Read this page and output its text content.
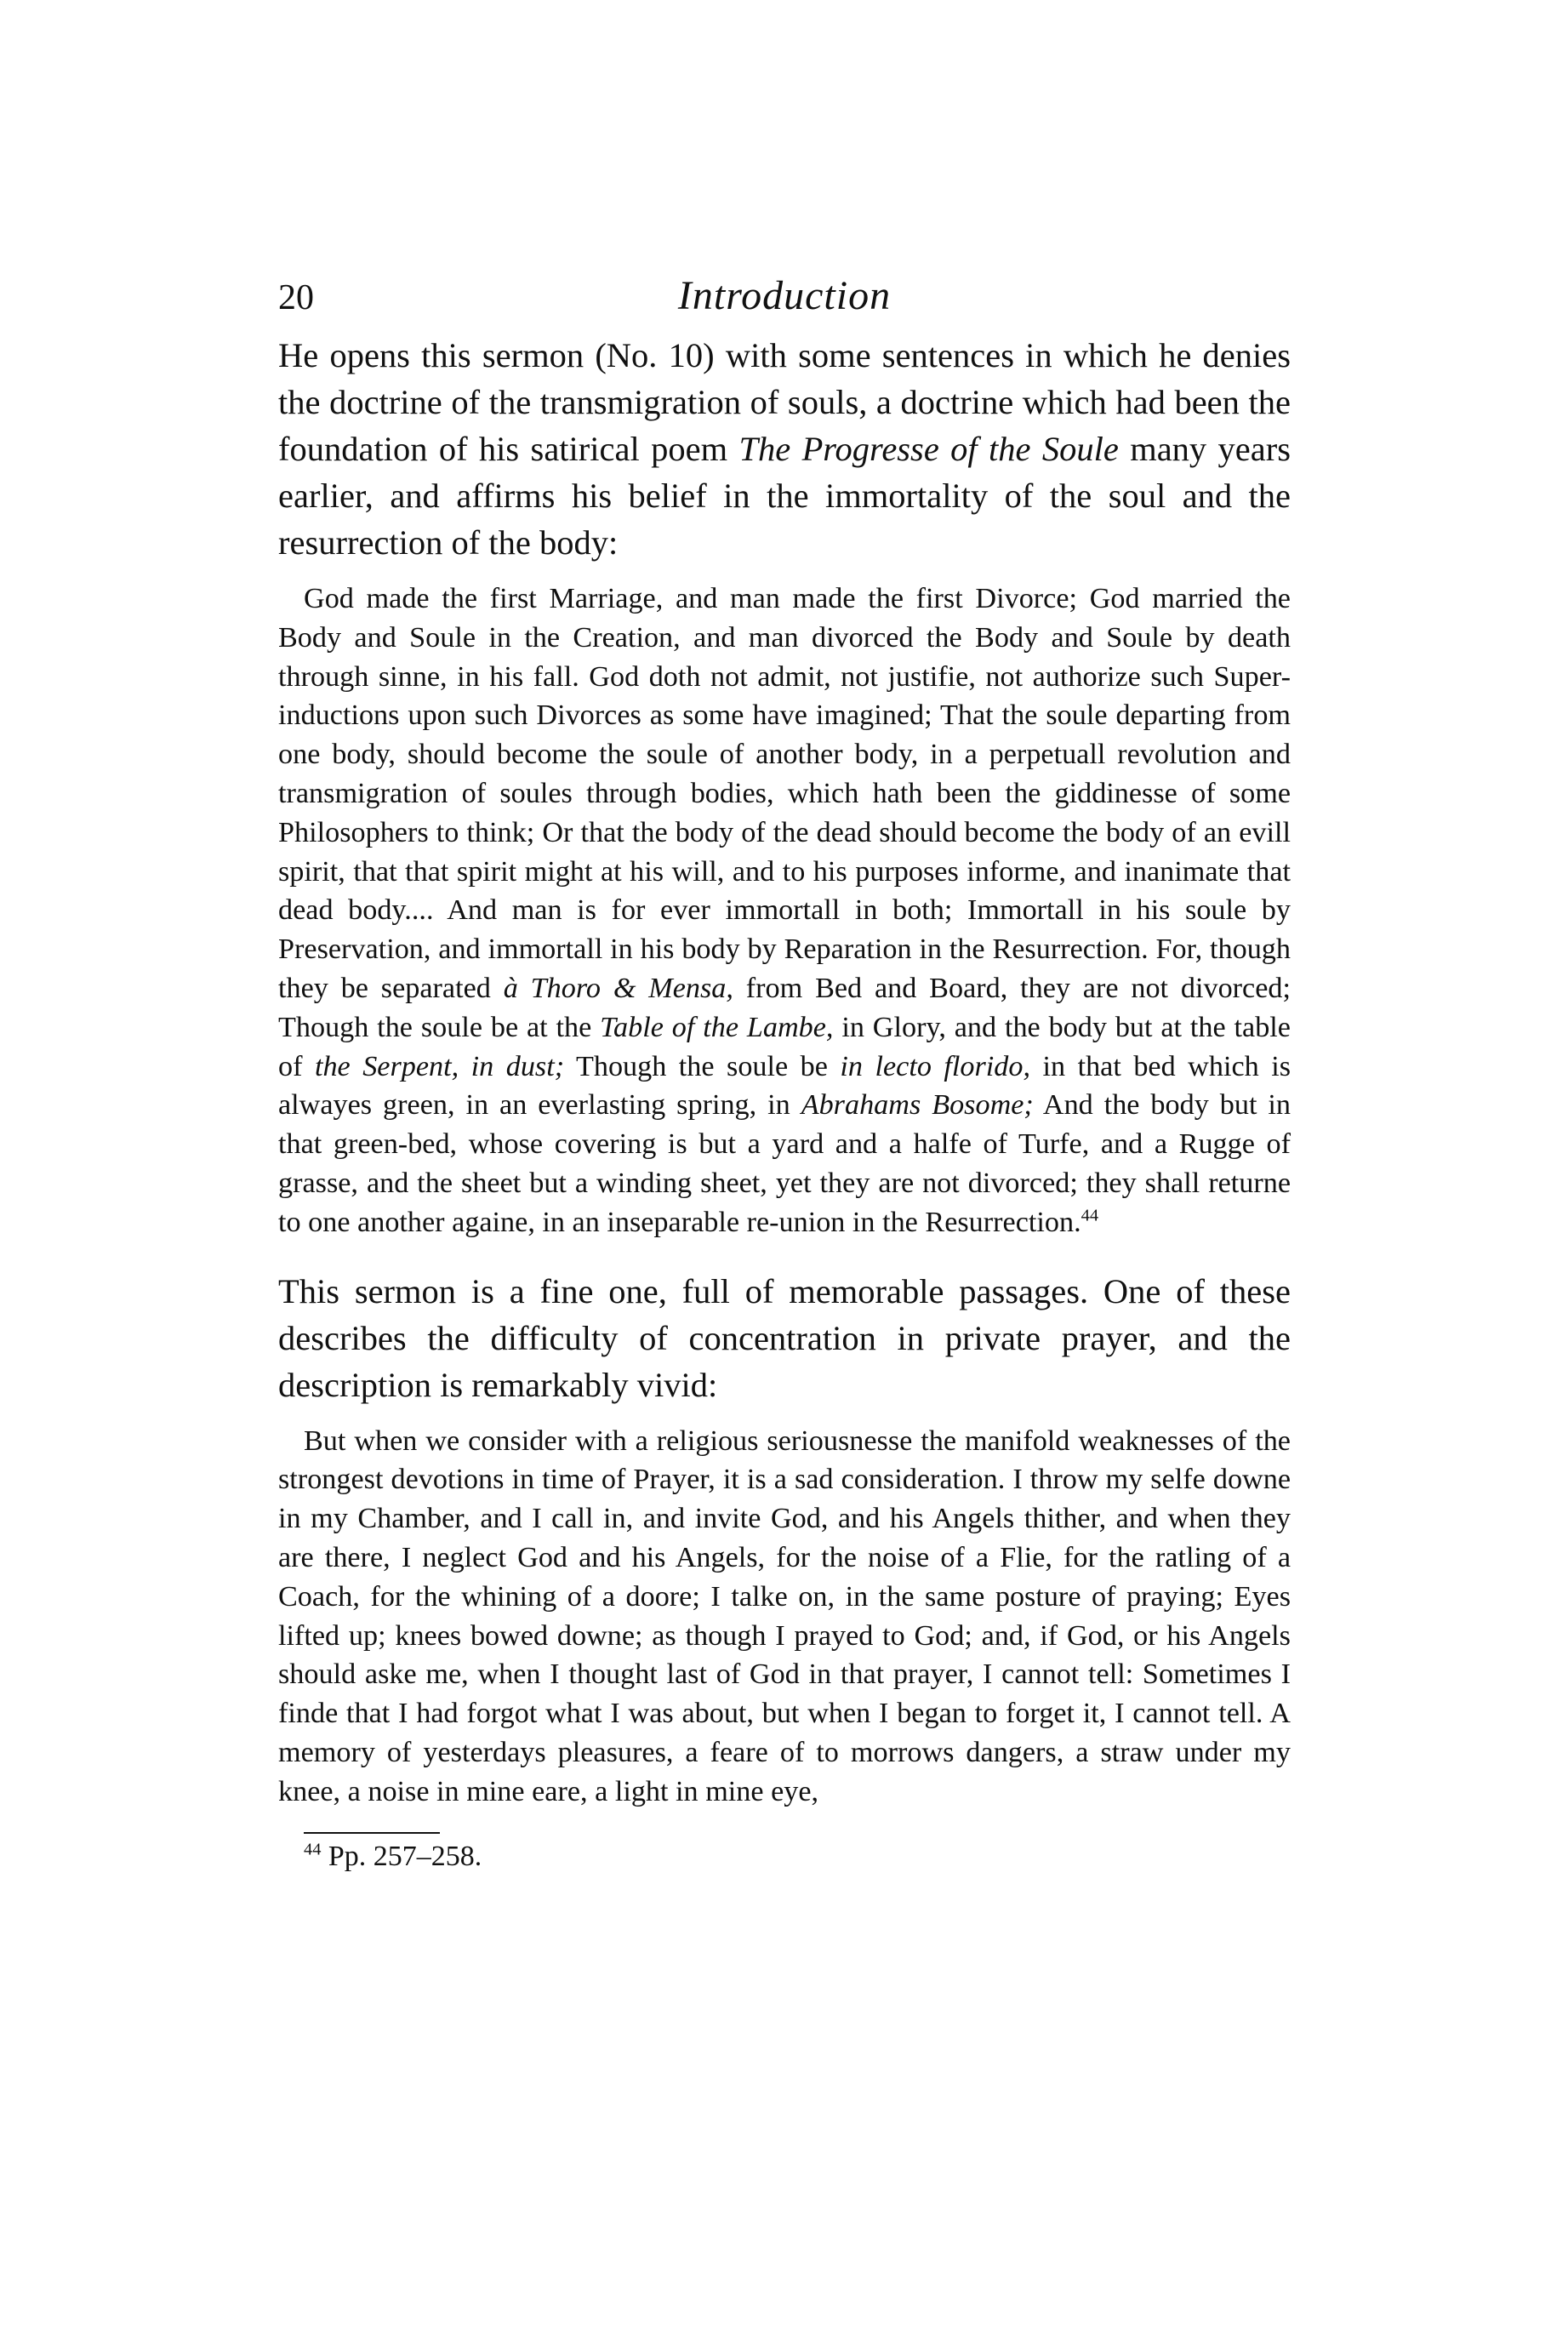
20	Introduction

He opens this sermon (No. 10) with some sentences in which he denies the doctrine of the transmigration of souls, a doctrine which had been the foundation of his satirical poem The Progresse of the Soule many years earlier, and affirms his belief in the immortality of the soul and the resurrection of the body:

God made the first Marriage, and man made the first Divorce; God married the Body and Soule in the Creation, and man divorced the Body and Soule by death through sinne, in his fall. God doth not admit, not justifie, not authorize such Super-inductions upon such Divorces as some have imagined; That the soule departing from one body, should become the soule of another body, in a perpetuall revolution and transmigration of soules through bodies, which hath been the giddinesse of some Philosophers to think; Or that the body of the dead should become the body of an evill spirit, that that spirit might at his will, and to his purposes informe, and inanimate that dead body.... And man is for ever immortall in both; Immortall in his soule by Preservation, and immortall in his body by Reparation in the Resurrection. For, though they be separated à Thoro & Mensa, from Bed and Board, they are not divorced; Though the soule be at the Table of the Lambe, in Glory, and the body but at the table of the Serpent, in dust; Though the soule be in lecto florido, in that bed which is alwayes green, in an everlasting spring, in Abrahams Bosome; And the body but in that green-bed, whose covering is but a yard and a halfe of Turfe, and a Rugge of grasse, and the sheet but a winding sheet, yet they are not divorced; they shall returne to one another againe, in an inseparable re-union in the Resurrection.$^{44}$

This sermon is a fine one, full of memorable passages. One of these describes the difficulty of concentration in private prayer, and the description is remarkably vivid:

But when we consider with a religious seriousnesse the manifold weaknesses of the strongest devotions in time of Prayer, it is a sad consideration. I throw my selfe downe in my Chamber, and I call in, and invite God, and his Angels thither, and when they are there, I neglect God and his Angels, for the noise of a Flie, for the ratling of a Coach, for the whining of a doore; I talke on, in the same posture of praying; Eyes lifted up; knees bowed downe; as though I prayed to God; and, if God, or his Angels should aske me, when I thought last of God in that prayer, I cannot tell: Sometimes I finde that I had forgot what I was about, but when I began to forget it, I cannot tell. A memory of yesterdays pleasures, a feare of to morrows dangers, a straw under my knee, a noise in mine eare, a light in mine eye,

$^{44}$ Pp. 257–258.
